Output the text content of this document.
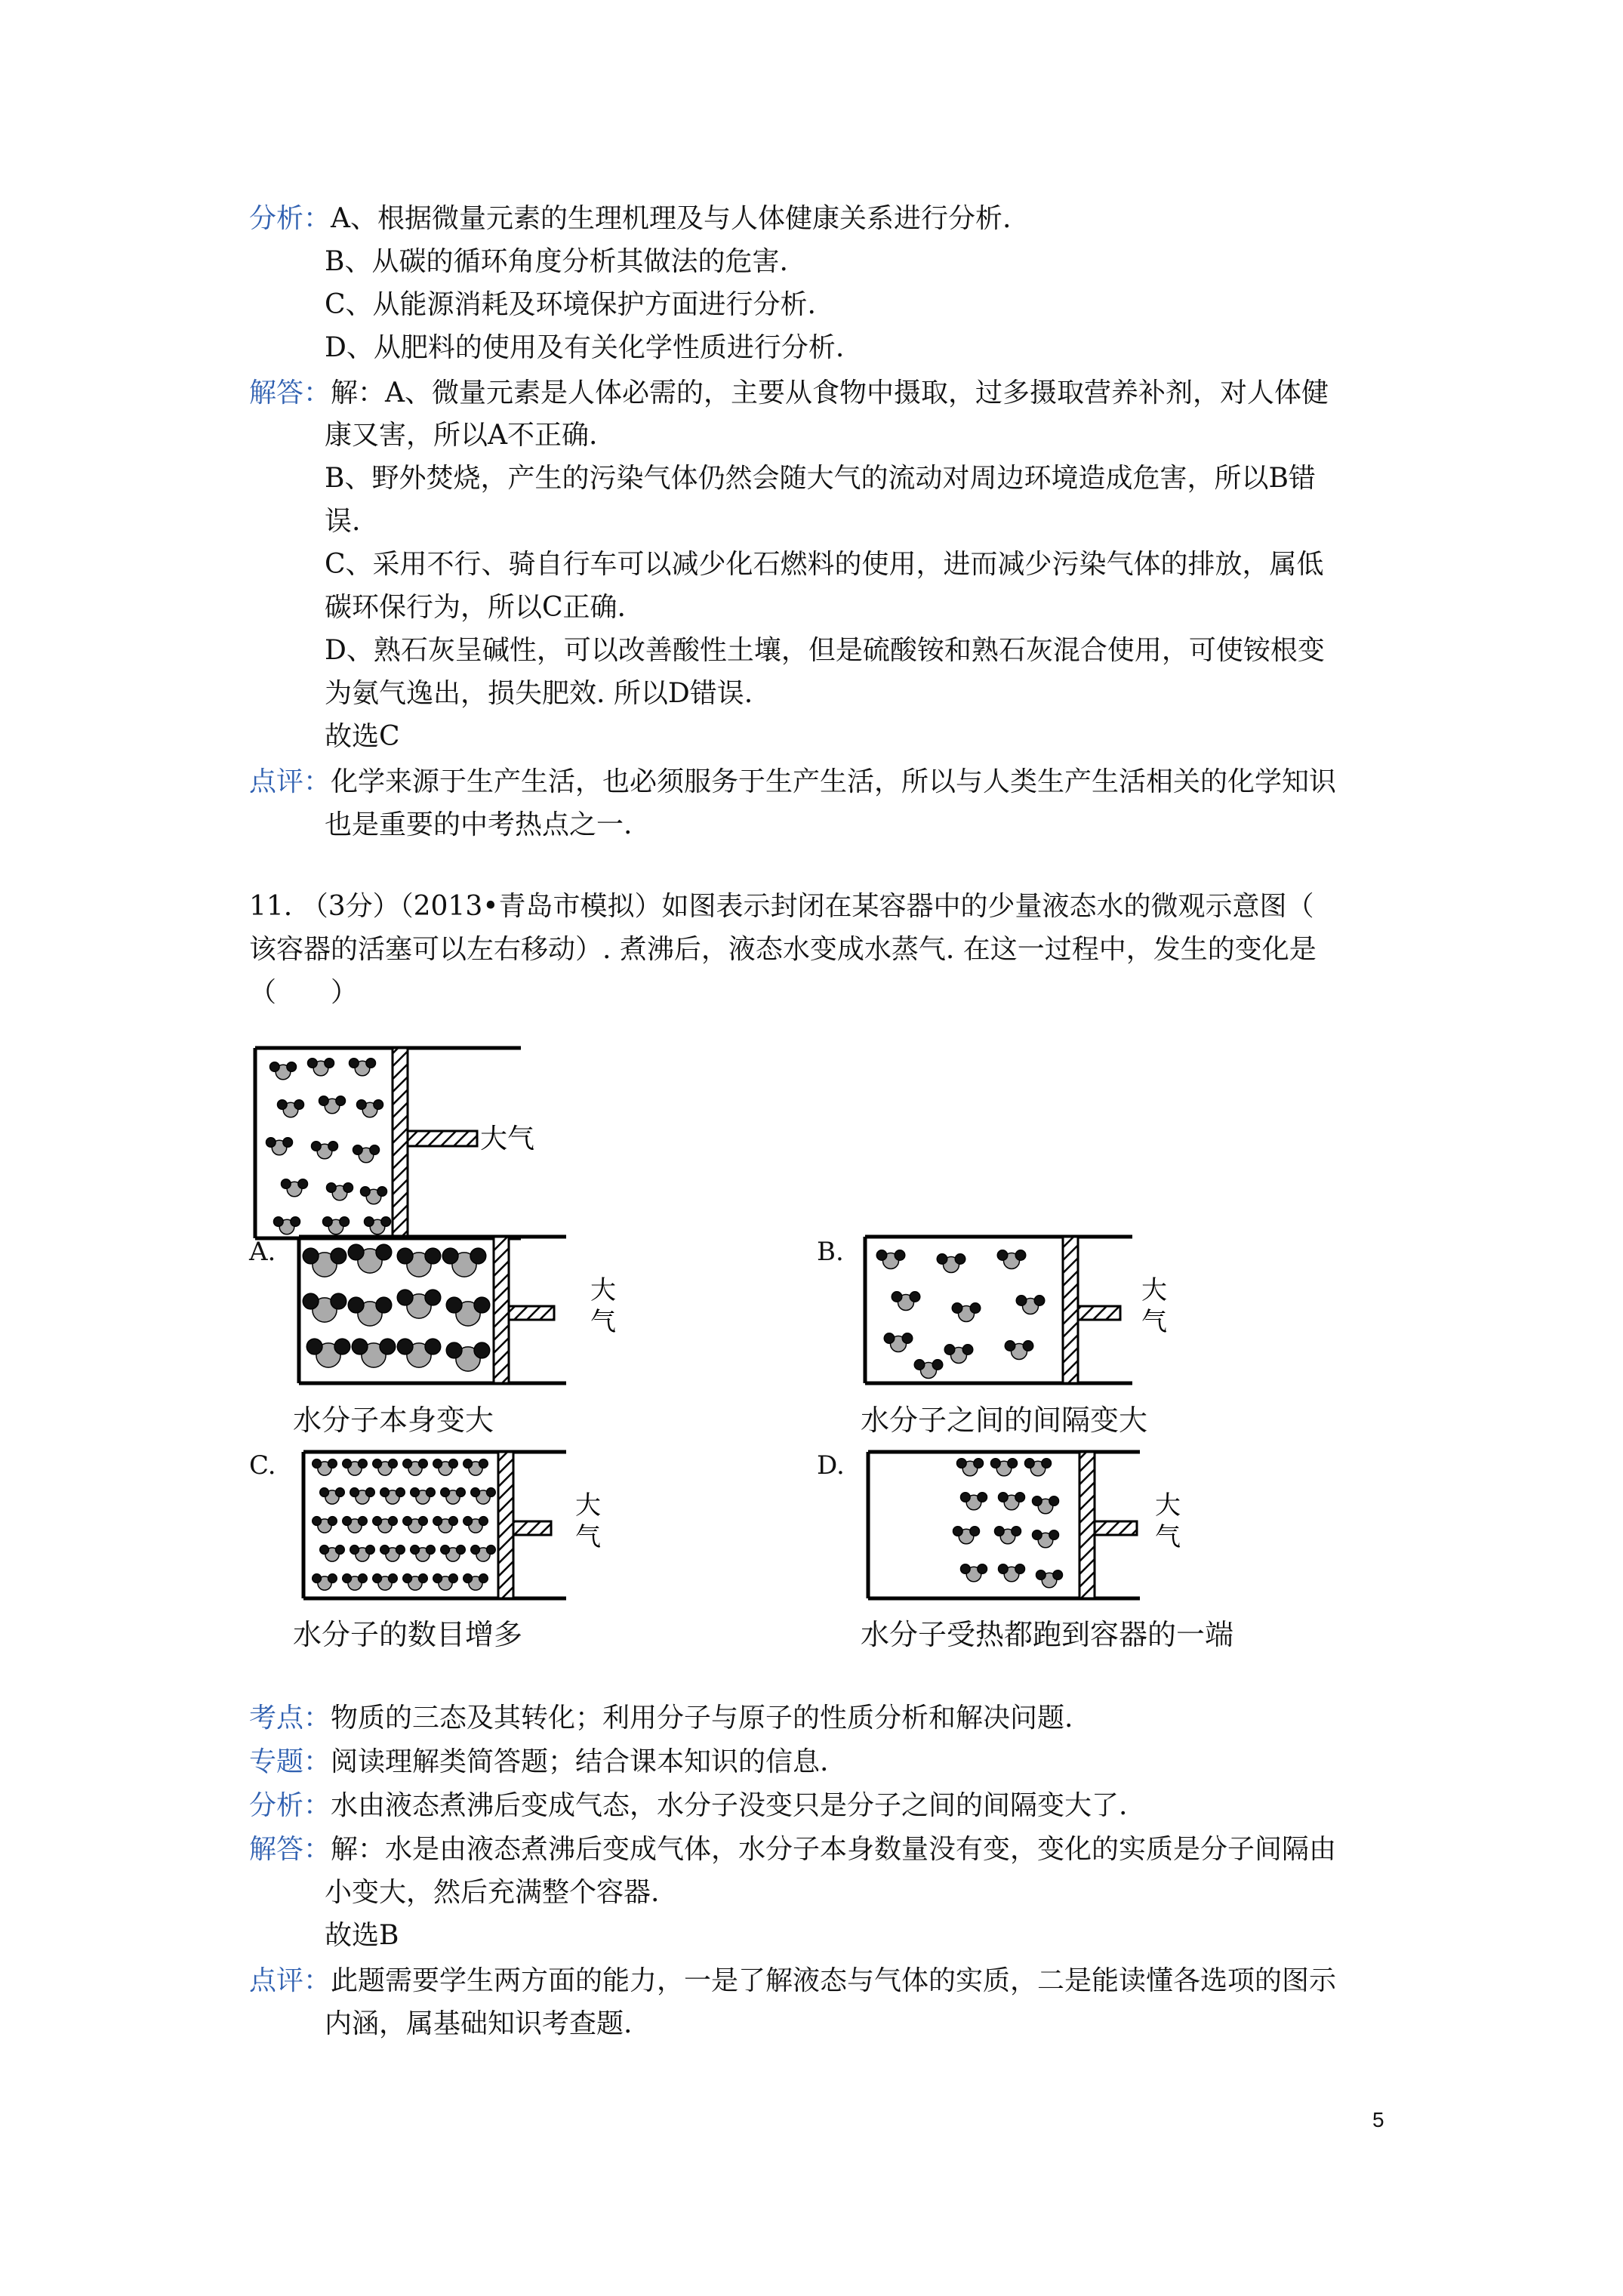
分析：A、根据微量元素的生理机理及与人体健康关系进行分析.
B、从碳的循环角度分析其做法的危害.
C、从能源消耗及环境保护方面进行分析.
D、从肥料的使用及有关化学性质进行分析.
解答：解：A、微量元素是人体必需的，主要从食物中摄取，过多摄取营养补剂，对人体健
康又害，所以A不正确.
B、野外焚烧，产生的污染气体仍然会随大气的流动对周边环境造成危害，所以B错
误.
C、采用不行、骑自行车可以减少化石燃料的使用，进而减少污染气体的排放，属低
碳环保行为，所以C正确.
D、熟石灰呈碱性，可以改善酸性土壤，但是硫酸铵和熟石灰混合使用，可使铵根变
为氨气逸出，损失肥效. 所以D错误.
故选C
点评：化学来源于生产生活，也必须服务于生产生活，所以与人类生产生活相关的化学知识
也是重要的中考热点之一.
11. （3分）（2013•青岛市模拟）如图表示封闭在某容器中的少量液态水的微观示意图（
该容器的活塞可以左右移动）. 煮沸后，液态水变成水蒸气. 在这一过程中，发生的变化是
（　　）
大气
A.
大
气
水分子本身变大
B.
大
气
水分子之间的间隔变大
C.
大
气
水分子的数目增多
D.
大
气
水分子受热都跑到容器的一端
考点：物质的三态及其转化；利用分子与原子的性质分析和解决问题.
专题：阅读理解类简答题；结合课本知识的信息.
分析：水由液态煮沸后变成气态，水分子没变只是分子之间的间隔变大了.
解答：解：水是由液态煮沸后变成气体，水分子本身数量没有变，变化的实质是分子间隔由
小变大，然后充满整个容器.
故选B
点评：此题需要学生两方面的能力，一是了解液态与气体的实质，二是能读懂各选项的图示
内涵，属基础知识考查题.
5
